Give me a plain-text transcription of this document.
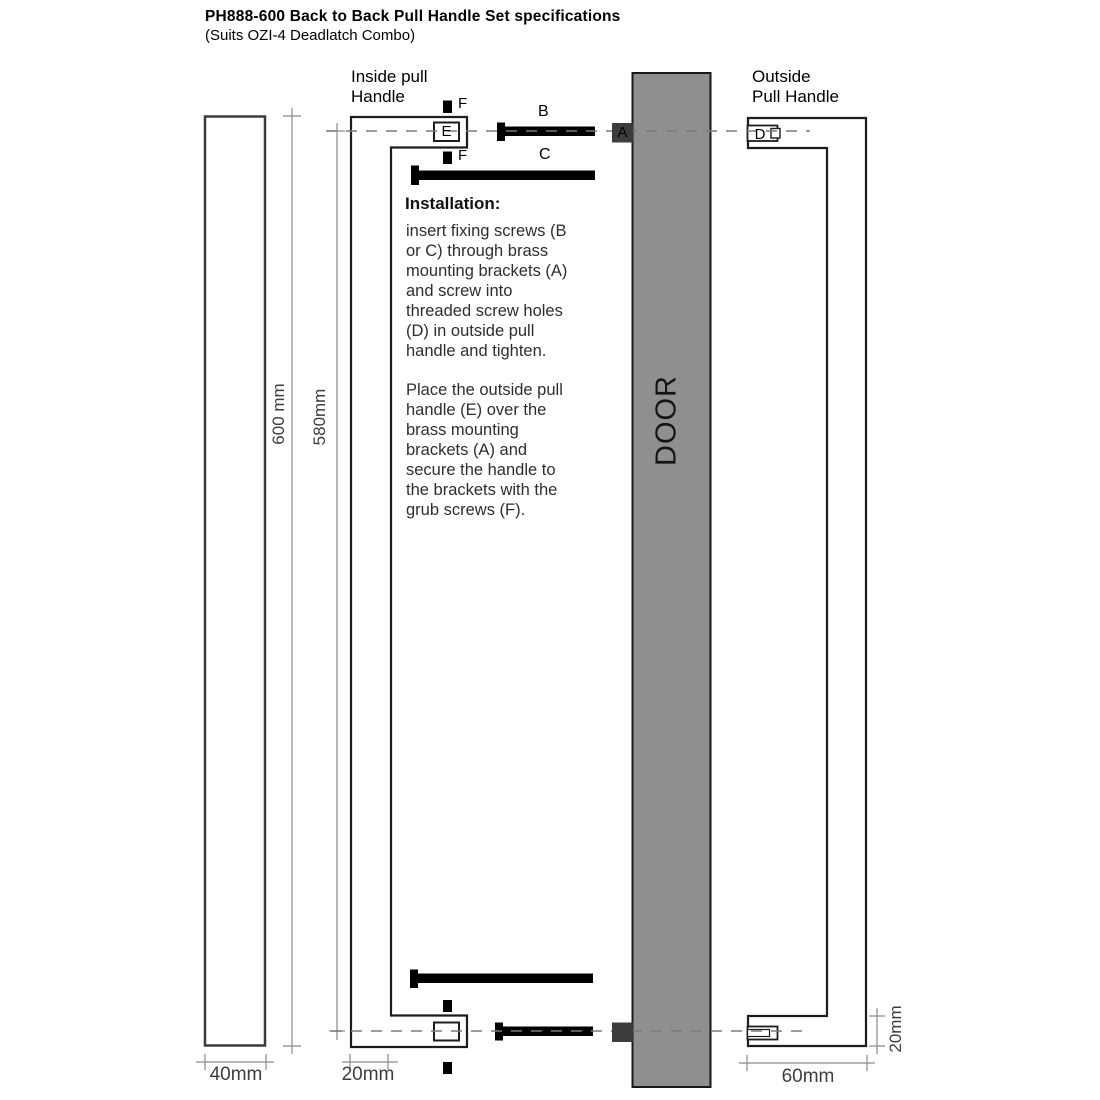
PH888-600 Back to Back Pull Handle Set specifications
(Suits OZI-4 Deadlatch Combo)
Inside pull Handle
Outside Pull Handle
Installation:
insert fixing screws (B
or C) through brass
mounting brackets (A)
and screw into
threaded screw holes
(D) in outside pull
handle and tighten.
Place the outside pull
handle (E) over the
brass mounting
brackets (A) and
secure the handle to
the brackets with the
grub screws (F).
B
C
F
F
E	A	D
600 mm 580mm
40mm	20mm	60mm
20mm
DOOR
